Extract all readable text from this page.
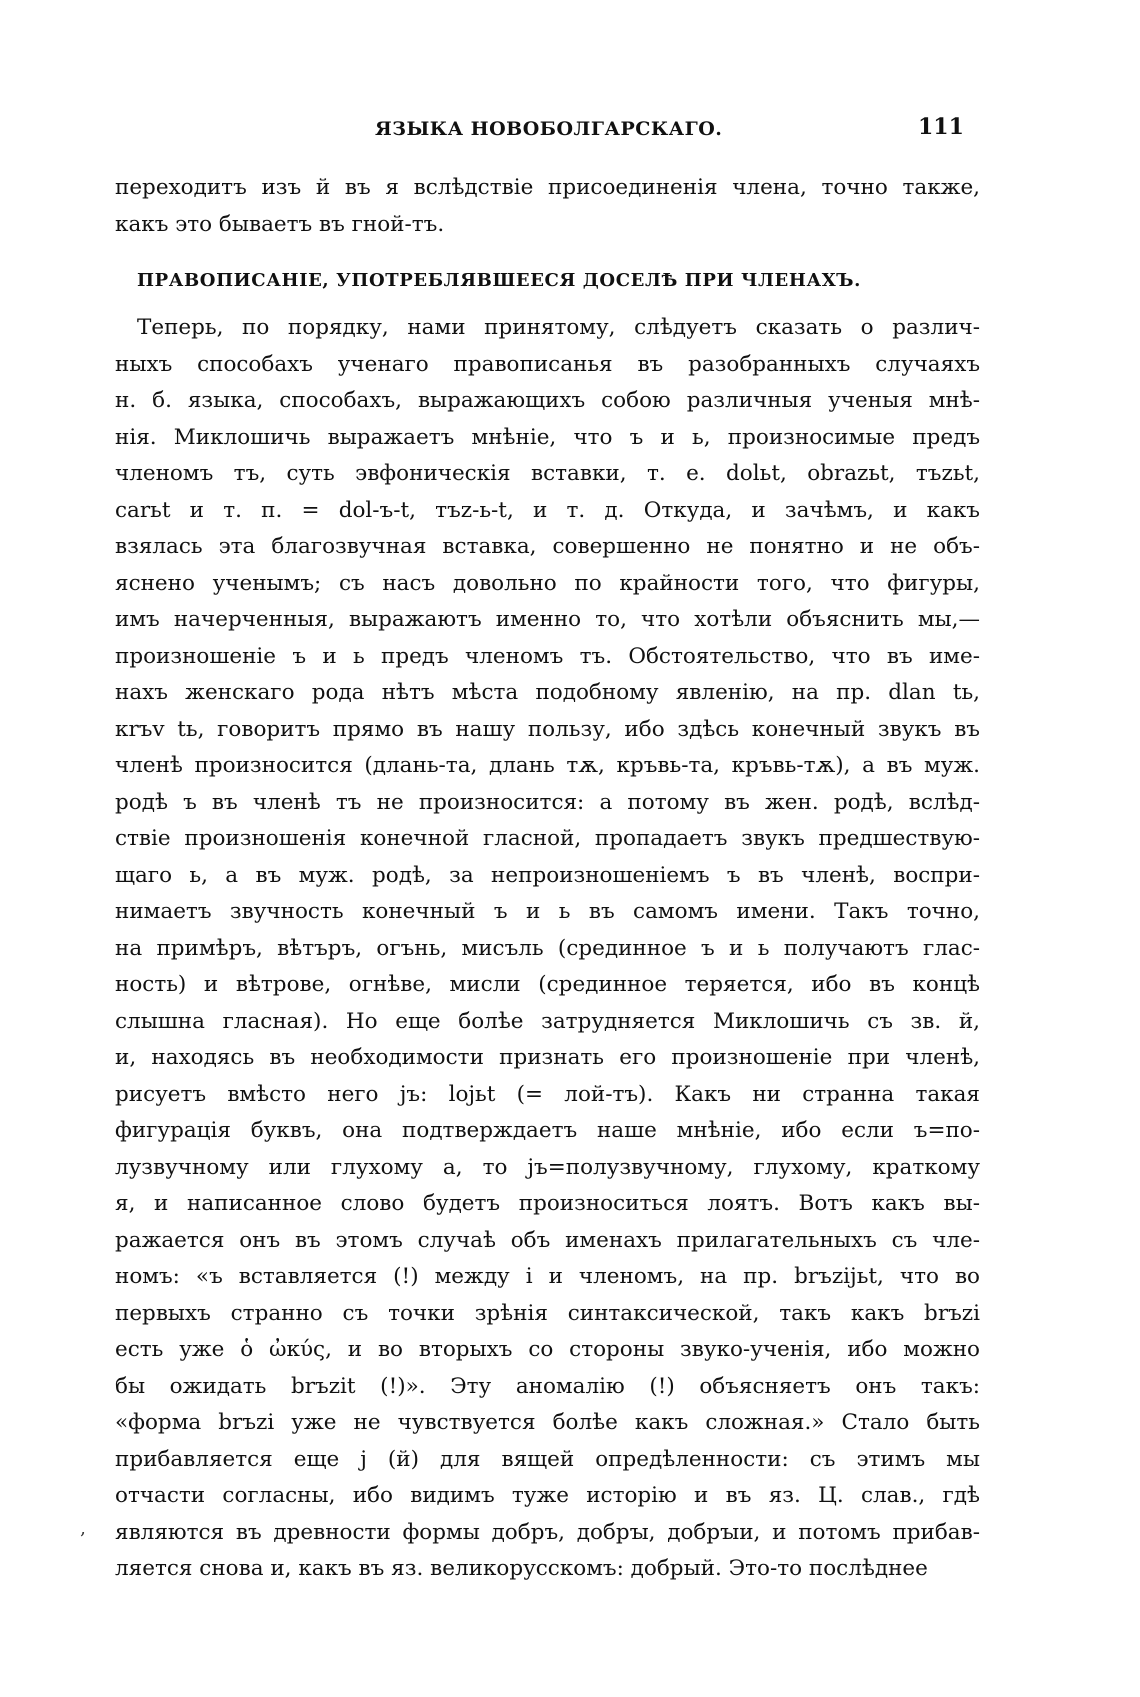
ЯЗЫКА НОВОБОЛГАРСКАГО.	111
переходитъ изъ й въ я вслѣдствіе присоединенія члена, точно также,
какъ это бываетъ въ гной-тъ.
ПРАВОПИСАНІЕ, УПОТРЕБЛЯВШЕЕСЯ ДОСЕЛѢ ПРИ ЧЛЕНАХЪ.
Теперь, по порядку, нами принятому, слѣдуетъ сказать о различ-
ныхъ способахъ ученаго правописанья въ разобранныхъ случаяхъ
н. б. языка, способахъ, выражающихъ собою различныя ученыя мнѣ-
нія. Миклошичь выражаетъ мнѣніе, что ъ и ь, произносимые предъ
членомъ тъ, суть эвфоническія вставки, т. е. dolьt, obrazьt, тъzьt,
сarьt и т. п. = dol-ъ-t, тъz-ь-t, и т. д. Откуда, и зачѣмъ, и какъ
взялась эта благозвучная вставка, совершенно не понятно и не объ-
яснено ученымъ; съ насъ довольно по крайности того, что фигуры,
имъ начерченныя, выражаютъ именно то, что хотѣли объяснить мы,—
произношеніе ъ и ь предъ членомъ тъ. Обстоятельство, что въ име-
нахъ женскаго рода нѣтъ мѣста подобному явленію, на пр. dlan tь,
кrъv tь, говоритъ прямо въ нашу пользу, ибо здѣсь конечный звукъ въ
членѣ произносится (длань-та, длань тѫ, кръвь-та, кръвь-тѫ), а въ муж.
родѣ ъ въ членѣ тъ не произносится: а потому въ жен. родѣ, вслѣд-
ствіе произношенія конечной гласной, пропадаетъ звукъ предшествую-
щаго ь, а въ муж. родѣ, за непроизношеніемъ ъ въ членѣ, воспри-
нимаетъ звучность конечный ъ и ь въ самомъ имени. Такъ точно,
на примѣръ, вѣтъръ, огънь, мисъль (срединное ъ и ь получаютъ глас-
ность) и вѣтрове, огнѣве, мисли (срединное теряется, ибо въ концѣ
слышна гласная). Но еще болѣе затрудняется Миклошичь съ зв. й,
и, находясь въ необходимости признать его произношеніе при членѣ,
рисуетъ вмѣсто него jъ: lojьt (= лой-тъ). Какъ ни странна такая
фигурація буквъ, она подтверждаетъ наше мнѣніе, ибо если ъ=по-
лузвучному или глухому а, то jъ=полузвучному, глухому, краткому
я, и написанное слово будетъ произноситься лоятъ. Вотъ какъ вы-
ражается онъ въ этомъ случаѣ объ именахъ прилагательныхъ съ чле-
номъ: «ъ вставляется (!) между і и членомъ, на пр. brъzijьt, что во
первыхъ странно съ точки зрѣнія синтаксической, такъ какъ brъzi
есть уже ὁ ὠκύς, и во вторыхъ со стороны звуко-ученія, ибо можно
бы ожидать brъzit (!)». Эту аномалію (!) объясняетъ онъ такъ:
«форма brъzi уже не чувствуется болѣе какъ сложная.» Стало быть
прибавляется еще j (й) для вящей опредѣленности: съ этимъ мы
отчасти согласны, ибо видимъ туже исторію и въ яз. Ц. слав., гдѣ
являются въ древности формы добръ, добрꙑ, добрꙑи, и потомъ прибав-
ляется снова и, какъ въ яз. великорусскомъ: добрый. Это-то послѣднее
‚
